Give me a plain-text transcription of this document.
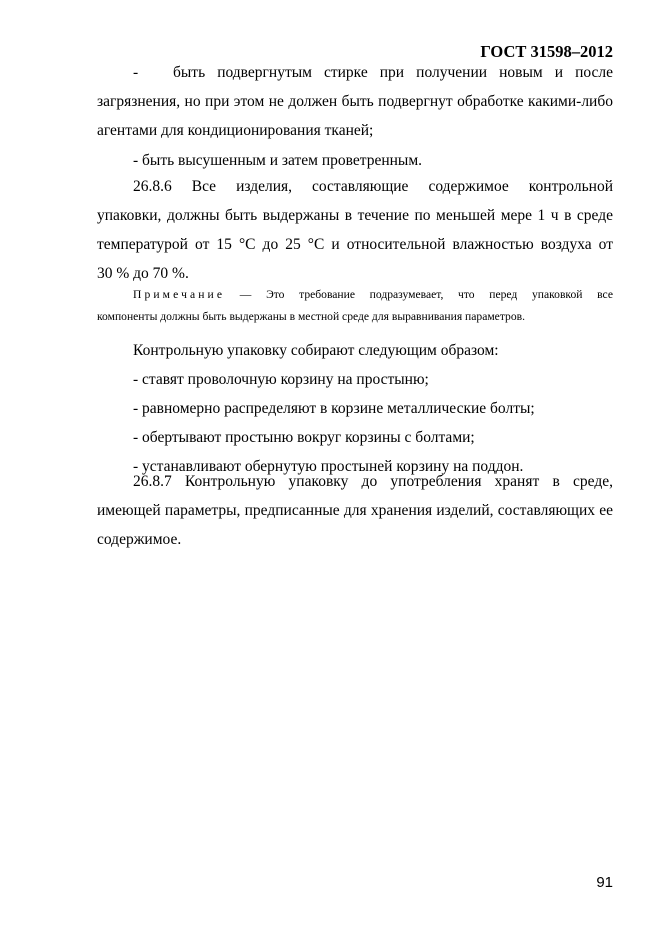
ГОСТ 31598–2012
-	быть подвергнутым стирке при получении новым и после
загрязнения, но при этом не должен быть подвергнут обработке какими-либо
агентами для кондиционирования тканей;
- быть высушенным и затем проветренным.
26.8.6 Все изделия, составляющие содержимое контрольной
упаковки, должны быть выдержаны в течение по меньшей мере 1 ч в среде
температурой от 15 °С до 25 °С и относительной влажностью воздуха от
30 % до 70 %.
Примечание — Это требование подразумевает, что перед упаковкой все
компоненты должны быть выдержаны в местной среде для выравнивания параметров.
Контрольную упаковку собирают следующим образом:
- ставят проволочную корзину на простыню;
- равномерно распределяют в корзине металлические болты;
- обертывают простыню вокруг корзины с болтами;
- устанавливают обернутую простыней корзину на поддон.
26.8.7 Контрольную упаковку до употребления хранят в среде,
имеющей параметры, предписанные для хранения изделий, составляющих ее
содержимое.
91
